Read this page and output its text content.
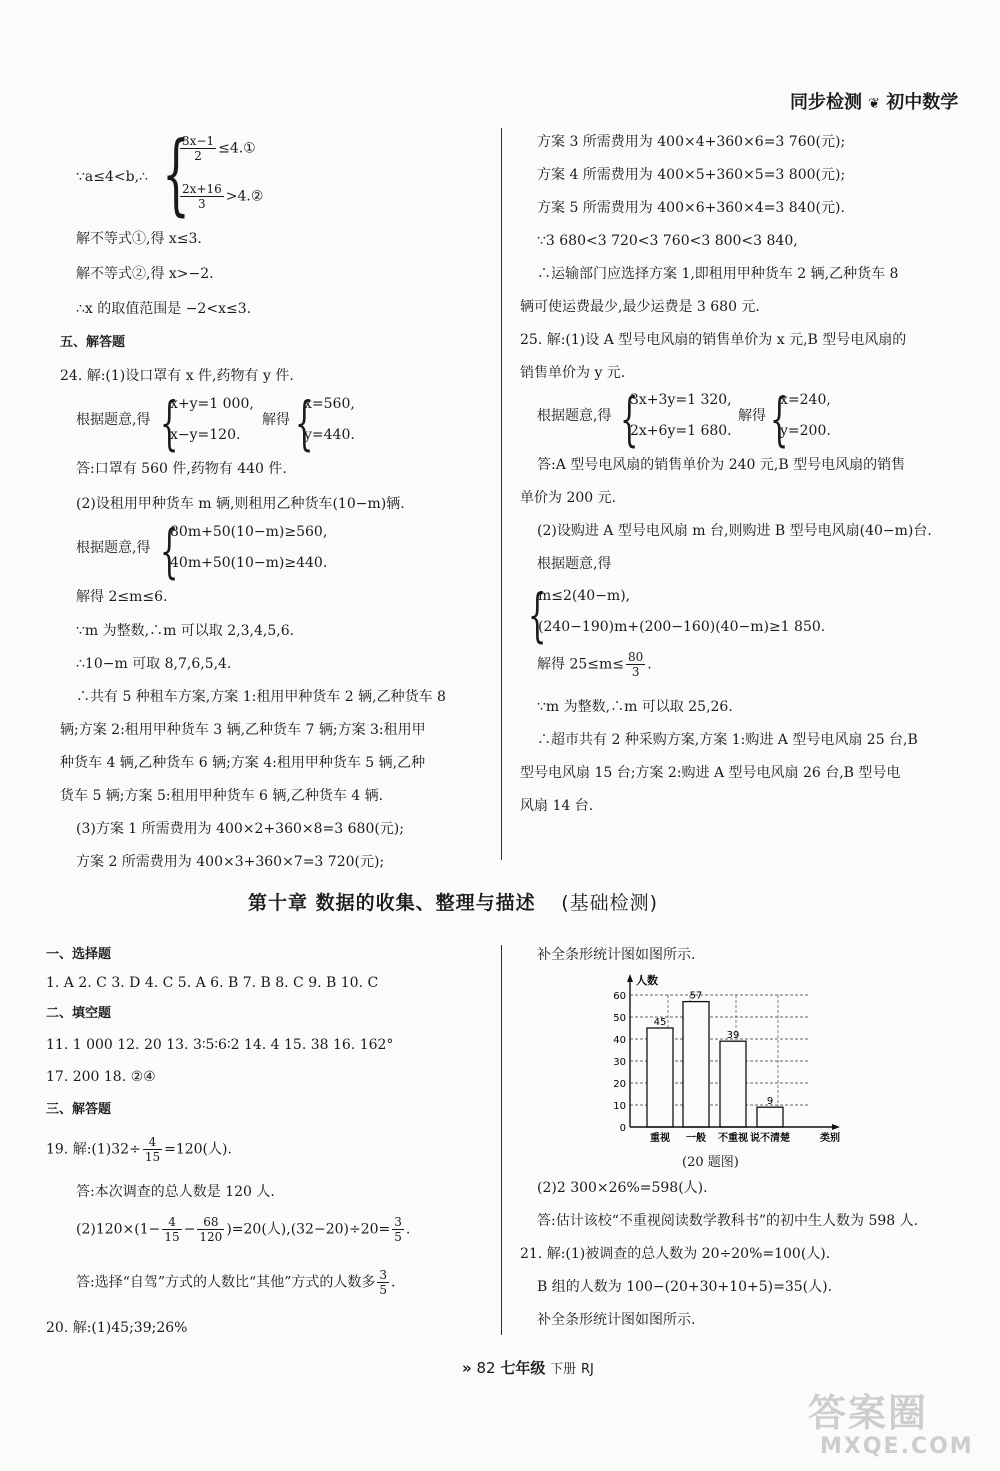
同步检测 ❦ 初中数学
∵a≤4<b,∴ {
$\frac{3x-1}{2}$ ≤4.①
$\frac{2x+16}{3}$ >4.②
解不等式①,得 x≤3.
解不等式②,得 x>−2.
∴x 的取值范围是 −2<x≤3.
五、解答题
24. 解:(1)设口罩有 x 件,药物有 y 件.
根据题意,得 {
x+y=1 000,
x−y=120.
解得 {
x=560,
y=440.
答:口罩有 560 件,药物有 440 件.
(2)设租用甲种货车 m 辆,则租用乙种货车(10−m)辆.
根据题意,得 {
80m+50(10−m)≥560,
40m+50(10−m)≥440.
解得 2≤m≤6.
∵m 为整数,∴m 可以取 2,3,4,5,6.
∴10−m 可取 8,7,6,5,4.
∴共有 5 种租车方案,方案 1:租用甲种货车 2 辆,乙种货车 8
辆;方案 2:租用甲种货车 3 辆,乙种货车 7 辆;方案 3:租用甲
种货车 4 辆,乙种货车 6 辆;方案 4:租用甲种货车 5 辆,乙种
货车 5 辆;方案 5:租用甲种货车 6 辆,乙种货车 4 辆.
(3)方案 1 所需费用为 400×2+360×8=3 680(元);
方案 2 所需费用为 400×3+360×7=3 720(元);
方案 3 所需费用为 400×4+360×6=3 760(元);
方案 4 所需费用为 400×5+360×5=3 800(元);
方案 5 所需费用为 400×6+360×4=3 840(元).
∵3 680<3 720<3 760<3 800<3 840,
∴运输部门应选择方案 1,即租用甲种货车 2 辆,乙种货车 8
辆可使运费最少,最少运费是 3 680 元.
25. 解:(1)设 A 型号电风扇的销售单价为 x 元,B 型号电风扇的
销售单价为 y 元.
根据题意,得 {
3x+3y=1 320,
2x+6y=1 680.
解得 {
x=240,
y=200.
答:A 型号电风扇的销售单价为 240 元,B 型号电风扇的销售
单价为 200 元.
(2)设购进 A 型号电风扇 m 台,则购进 B 型号电风扇(40−m)台.
根据题意,得
{
m≤2(40−m),
(240−190)m+(200−160)(40−m)≥1 850.
解得 $25\le m\le \frac{80}{3}$ .
∵m 为整数,∴m 可以取 25,26.
∴超市共有 2 种采购方案,方案 1:购进 A 型号电风扇 25 台,B
型号电风扇 15 台;方案 2:购进 A 型号电风扇 26 台,B 型号电
风扇 14 台.
第十章 数据的收集、整理与描述 (基础检测)
一、选择题
1. A 2. C 3. D 4. C 5. A 6. B 7. B 8. C 9. B 10. C
二、填空题
11. 1 000 12. 20 13. 3∶5∶6∶2 14. 4 15. 38 16. 162°
17. 200 18. ②④
三、解答题
19. 解:(1)32÷ $\frac{4}{15} =120$(人).
答:本次调查的总人数是 120 人.
$(2)120\times(1- \frac{4}{15} - \frac{68}{120} )=20$(人)$,(32-20)\div 20= \frac{3}{5}$ .
答:选择“自驾”方式的人数比“其他”方式的人数多 $\frac{3}{5}$ .
20. 解:(1)45;39;26%
补全条形统计图如图所示.
0
10
20
30
40
50
60
45
重视
57
一般
39
不重视
9
说不清楚
人数
类别
(20 题图)
(2)2 300×26%=598(人).
答:估计该校“不重视阅读数学教科书”的初中生人数为 598 人.
21. 解:(1)被调查的总人数为 20÷20%=100(人).
B 组的人数为 100−(20+30+10+5)=35(人).
补全条形统计图如图所示.
» 82 七年级 下册 RJ
答案圈
MXQE.COM
